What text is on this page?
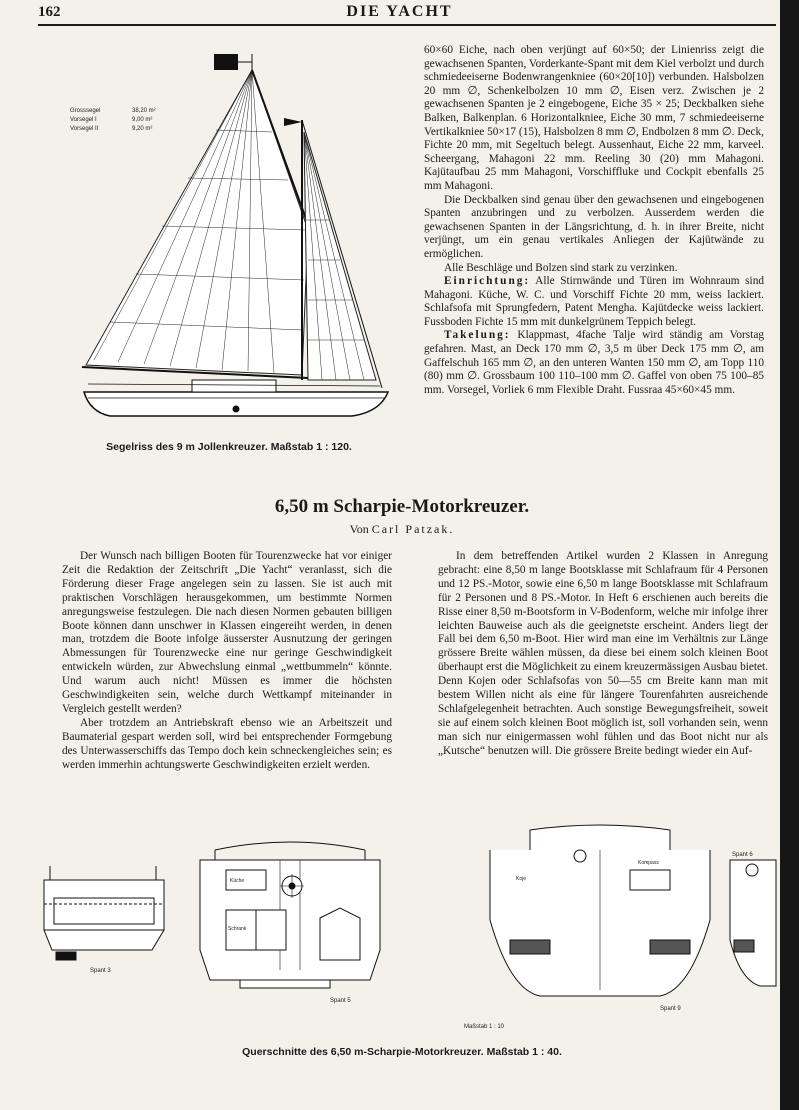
162	DIE YACHT
Grosssegel	38,20 m²
Vorsegel I	9,00 m²
Vorsegel II	9,20 m²
Segelriss des 9 m Jollenkreuzer. Maßstab 1 : 120.

60×60 Eiche, nach oben verjüngt auf 60×50; der Linienriss zeigt die gewachsenen Spanten, Vorderkante-Spant mit dem Kiel verbolzt und durch schmiedeeiserne Bodenwrangenkniee (60×20[10]) verbunden. Halsbolzen 20 mm ∅, Schenkelbolzen 10 mm ∅, Eisen verz. Zwischen je 2 gewachsenen Spanten je 2 eingebogene, Eiche 35 × 25; Deckbalken siehe Balken, Balkenplan. 6 Horizontalkniee, Eiche 30 mm, 7 schmiedeeiserne Vertikalkniee 50×17 (15), Halsbolzen 8 mm ∅, Endbolzen 8 mm ∅. Deck, Fichte 20 mm, mit Segeltuch belegt. Aussenhaut, Eiche 22 mm, karveel. Scheergang, Mahagoni 22 mm. Reeling 30 (20) mm Mahagoni. Kajütaufbau 25 mm Mahagoni, Vorschiffluke und Cockpit ebenfalls 25 mm Mahagoni.

Die Deckbalken sind genau über den gewachsenen und eingebogenen Spanten anzubringen und zu verbolzen. Ausserdem werden die gewachsenen Spanten in der Längsrichtung, d. h. in ihrer Breite, nicht verjüngt, um ein genau vertikales Anliegen der Kajütwände zu ermöglichen.

Alle Beschläge und Bolzen sind stark zu verzinken.

Einrichtung: Alle Stirnwände und Türen im Wohnraum sind Mahagoni. Küche, W. C. und Vorschiff Fichte 20 mm, weiss lackiert. Schlafsofa mit Sprungfedern, Patent Mengha. Kajütdecke weiss lackiert. Fussboden Fichte 15 mm mit dunkelgrünem Teppich belegt.

Takelung: Klappmast, 4fache Talje wird ständig am Vorstag gefahren. Mast, an Deck 170 mm ∅, 3,5 m über Deck 175 mm ∅, am Gaffelschuh 165 mm ∅, an den unteren Wanten 150 mm ∅, am Topp 110 (80) mm ∅. Grossbaum 100 110–100 mm ∅. Gaffel von oben 75 100–85 mm. Vorsegel, Vorliek 6 mm Flexible Draht. Fussraa 45×60×45 mm.

6,50 m Scharpie-Motorkreuzer.
Von Carl Patzak.

Der Wunsch nach billigen Booten für Tourenzwecke hat vor einiger Zeit die Redaktion der Zeitschrift „Die Yacht“ veranlasst, sich die Förderung dieser Frage angelegen sein zu lassen. Sie ist auch mit praktischen Vorschlägen herausgekommen, um bestimmte Normen anregungsweise festzulegen. Die nach diesen Normen gebauten billigen Boote können dann unschwer in Klassen eingereiht werden, in denen man, trotzdem die Boote infolge äusserster Ausnutzung der geringen Abmessungen für Tourenzwecke eine nur geringe Geschwindigkeit entwickeln würden, zur Abwechslung einmal „wettbummeln“ könnte. Und warum auch nicht! Müssen es immer die höchsten Geschwindigkeiten sein, welche durch Wettkampf miteinander in Vergleich gestellt werden?

Aber trotzdem an Antriebskraft ebenso wie an Arbeitszeit und Baumaterial gespart werden soll, wird bei entsprechender Formgebung des Unterwasserschiffs das Tempo doch kein schneckengleiches sein; es werden immerhin achtungswerte Geschwindigkeiten erzielt werden.

In dem betreffenden Artikel wurden 2 Klassen in Anregung gebracht: eine 8,50 m lange Bootsklasse mit Schlafraum für 4 Personen und 12 PS.-Motor, sowie eine 6,50 m lange Bootsklasse mit Schlafraum für 2 Personen und 8 PS.-Motor. In Heft 6 erschienen auch bereits die Risse einer 8,50 m-Bootsform in V-Bodenform, welche mir infolge ihrer leichten Bauweise auch als die geeignetste erscheint. Anders liegt der Fall bei dem 6,50 m-Boot. Hier wird man eine im Verhältnis zur Länge grössere Breite wählen müssen, da diese bei einem solch kleinen Boot überhaupt erst die Möglichkeit zu einem kreuzermässigen Ausbau bietet. Denn Kojen oder Schlafsofas von 50—55 cm Breite kann man mit bestem Willen nicht als eine für längere Tourenfahrten ausreichende Schlafgelegenheit betrachten. Auch sonstige Bewegungsfreiheit, soweit sie auf einem solch kleinen Boot möglich ist, soll vorhanden sein, wenn man sich nur einigermassen wohl fühlen und das Boot nicht nur als „Kutsche“ benutzen will. Die grössere Breite bedingt wieder ein Auf-

Spant 3
Küche
Schrank
Spant 5
Koje
Kompass
Spant 9
Maßstab 1 : 10
Spant 6
Querschnitte des 6,50 m-Scharpie-Motorkreuzer. Maßstab 1 : 40.
